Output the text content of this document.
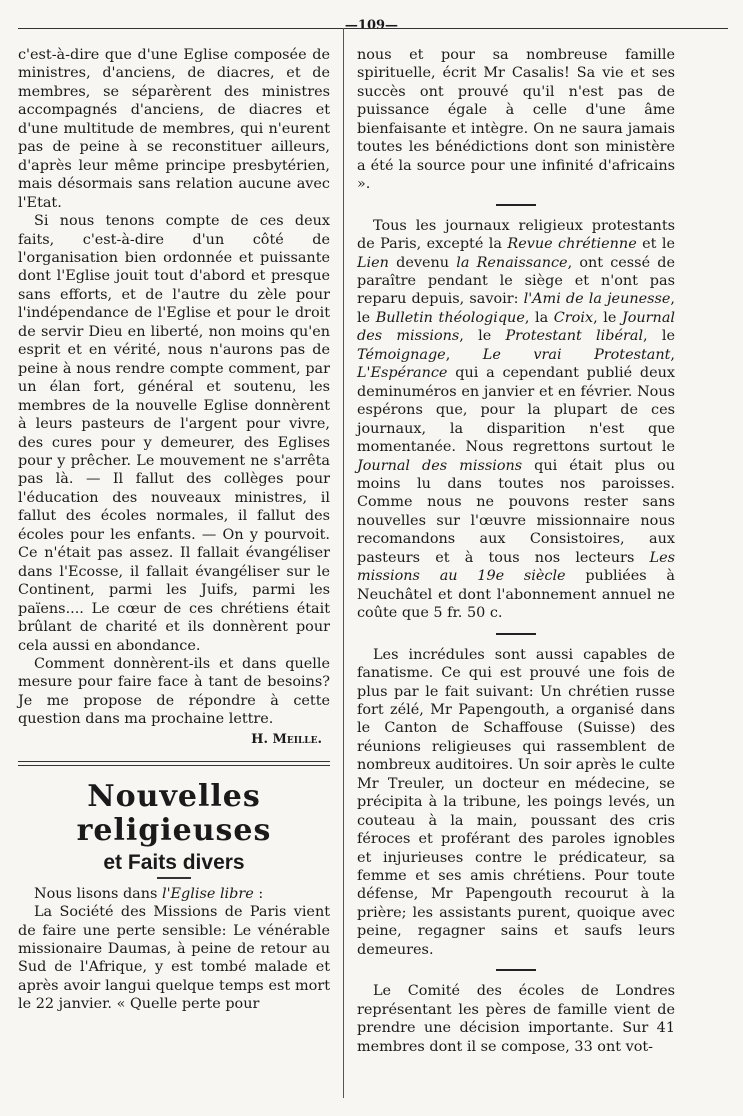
—109—

c'est-à-dire que d'une Eglise composée de ministres, d'anciens, de diacres, et de membres, se séparèrent des ministres accompagnés d'anciens, de diacres et d'une multitude de membres, qui n'eurent pas de peine à se reconstituer ailleurs, d'après leur même principe presbytérien, mais désormais sans relation aucune avec l'Etat.

Si nous tenons compte de ces deux faits, c'est-à-dire d'un côté de l'organisation bien ordonnée et puissante dont l'Eglise jouit tout d'abord et presque sans efforts, et de l'autre du zèle pour l'indépendance de l'Eglise et pour le droit de servir Dieu en liberté, non moins qu'en esprit et en vérité, nous n'aurons pas de peine à nous rendre compte comment, par un élan fort, général et soutenu, les membres de la nouvelle Eglise donnèrent à leurs pasteurs de l'argent pour vivre, des cures pour y demeurer, des Eglises pour y prêcher. Le mouvement ne s'arrêta pas là. — Il fallut des collèges pour l'éducation des nouveaux ministres, il fallut des écoles normales, il fallut des écoles pour les enfants. — On y pourvoit. Ce n'était pas assez. Il fallait évangéliser dans l'Ecosse, il fallait évangéliser sur le Continent, parmi les Juifs, parmi les païens.... Le cœur de ces chrétiens était brûlant de charité et ils donnèrent pour cela aussi en abondance.

Comment donnèrent-ils et dans quelle mesure pour faire face à tant de besoins? Je me propose de répondre à cette question dans ma prochaine lettre.

H. Meille.
Nouvelles religieuses
et Faits divers

Nous lisons dans l'Eglise libre :

La Société des Missions de Paris vient de faire une perte sensible: Le vénérable missionaire Daumas, à peine de retour au Sud de l'Afrique, y est tombé malade et après avoir langui quelque temps est mort le 22 janvier. « Quelle perte pour

nous et pour sa nombreuse famille spirituelle, écrit Mr Casalis! Sa vie et ses succès ont prouvé qu'il n'est pas de puissance égale à celle d'une âme bienfaisante et intègre. On ne saura jamais toutes les bénédictions dont son ministère a été la source pour une infinité d'africains ».

Tous les journaux religieux protestants de Paris, excepté la Revue chrétienne et le Lien devenu la Renaissance, ont cessé de paraître pendant le siège et n'ont pas reparu depuis, savoir: l'Ami de la jeunesse, le Bulletin théologique, la Croix, le Journal des missions, le Protestant libéral, le Témoignage, Le vrai Protestant, L'Espérance qui a cependant publié deux deminuméros en janvier et en février. Nous espérons que, pour la plupart de ces journaux, la disparition n'est que momentanée. Nous regrettons surtout le Journal des missions qui était plus ou moins lu dans toutes nos paroisses. Comme nous ne pouvons rester sans nouvelles sur l'œuvre missionnaire nous recomandons aux Consistoires, aux pasteurs et à tous nos lecteurs Les missions au 19e siècle publiées à Neuchâtel et dont l'abonnement annuel ne coûte que 5 fr. 50 c.

Les incrédules sont aussi capables de fanatisme. Ce qui est prouvé une fois de plus par le fait suivant: Un chrétien russe fort zélé, Mr Papengouth, a organisé dans le Canton de Schaffouse (Suisse) des réunions religieuses qui rassemblent de nombreux auditoires. Un soir après le culte Mr Treuler, un docteur en médecine, se précipita à la tribune, les poings levés, un couteau à la main, poussant des cris féroces et proférant des paroles ignobles et injurieuses contre le prédicateur, sa femme et ses amis chrétiens. Pour toute défense, Mr Papengouth recourut à la prière; les assistants purent, quoique avec peine, regagner sains et saufs leurs demeures.

Le Comité des écoles de Londres représentant les pères de famille vient de prendre une décision importante. Sur 41 membres dont il se compose, 33 ont vot-
